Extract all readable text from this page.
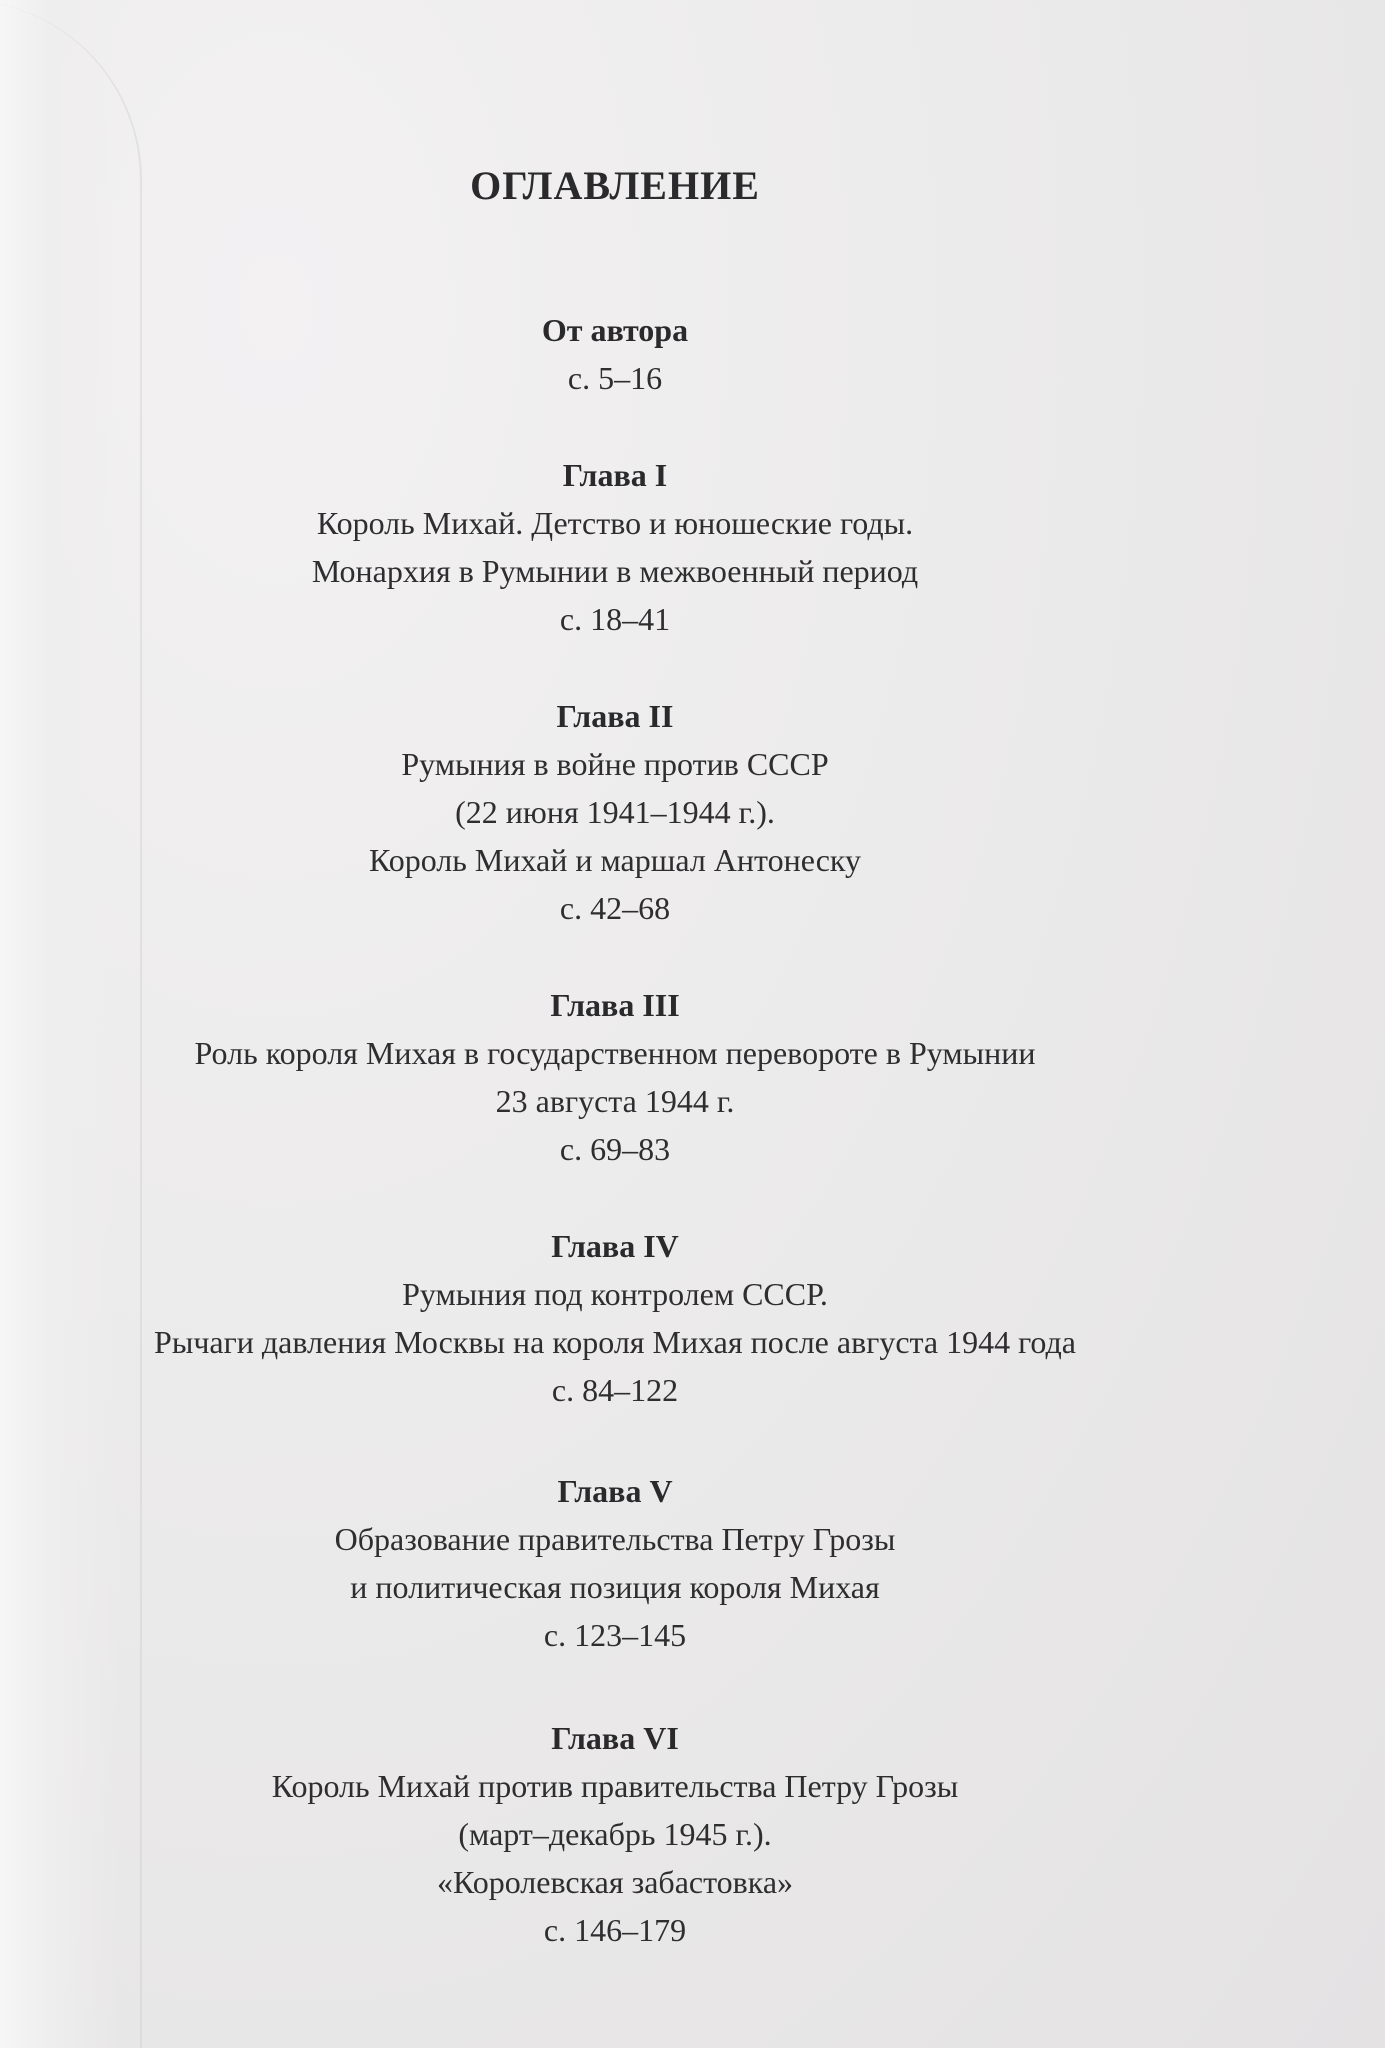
ОГЛАВЛЕНИЕ
От автора
с. 5–16
Глава I
Король Михай. Детство и юношеские годы.
Монархия в Румынии в межвоенный период
с. 18–41
Глава II
Румыния в войне против СССР
(22 июня 1941–1944 г.).
Король Михай и маршал Антонеску
с. 42–68
Глава III
Роль короля Михая в государственном перевороте в Румынии
23 августа 1944 г.
с. 69–83
Глава IV
Румыния под контролем СССР.
Рычаги давления Москвы на короля Михая после августа 1944 года
с. 84–122
Глава V
Образование правительства Петру Грозы
и политическая позиция короля Михая
с. 123–145
Глава VI
Король Михай против правительства Петру Грозы
(март–декабрь 1945 г.).
«Королевская забастовка»
с. 146–179
